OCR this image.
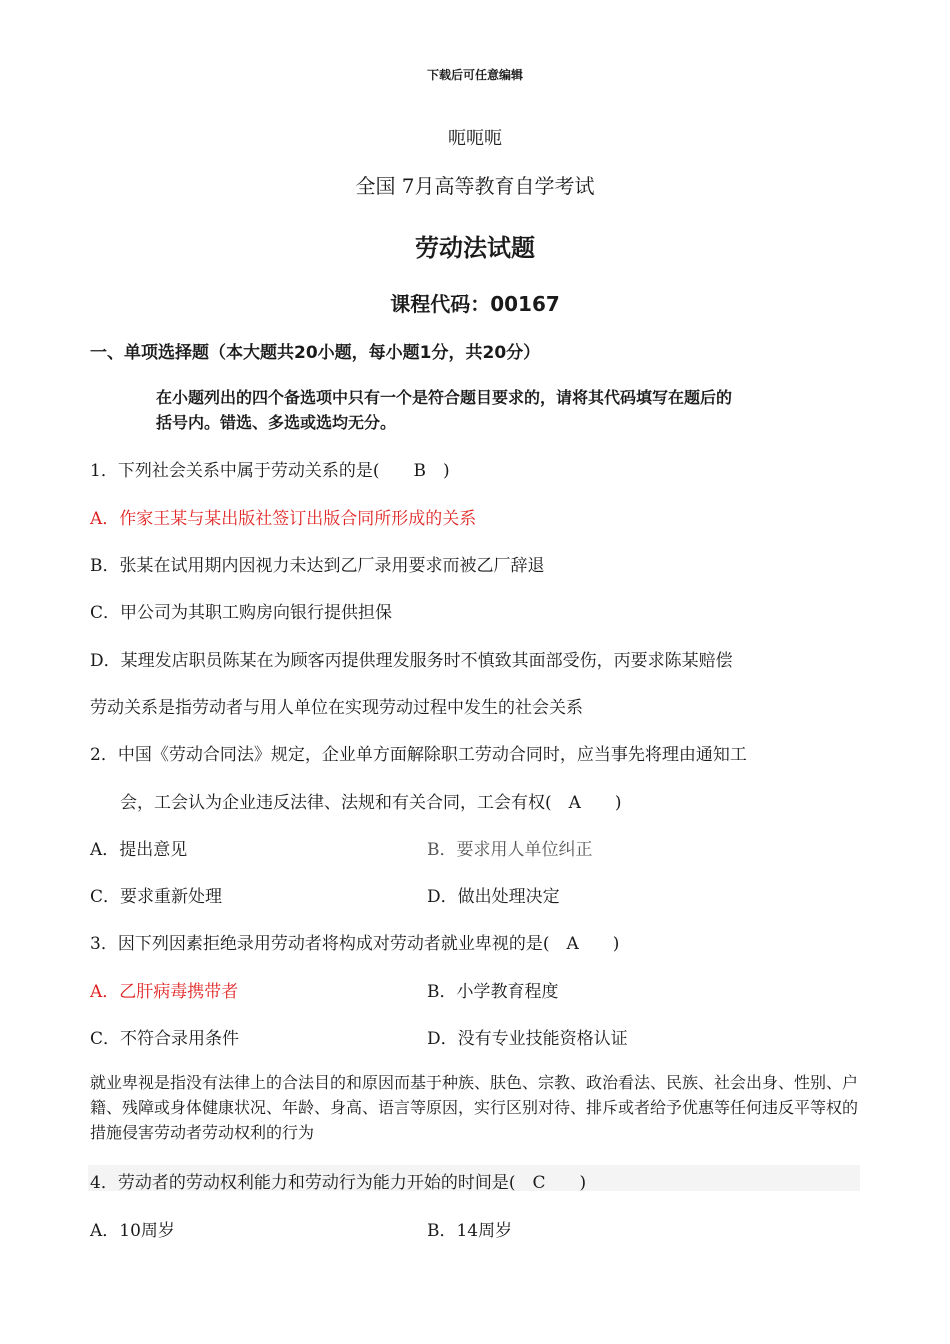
下载后可任意编辑
呃呃呃
全国 7月高等教育自学考试
劳动法试题
课程代码：00167
一、单项选择题（本大题共20小题，每小题1分，共20分）
在小题列出的四个备选项中只有一个是符合题目要求的，请将其代码填写在题后的
括号内。错选、多选或选均无分。
1．下列社会关系中属于劳动关系的是(　　B　)
A．作家王某与某出版社签订出版合同所形成的关系
B．张某在试用期内因视力未达到乙厂录用要求而被乙厂辞退
C．甲公司为其职工购房向银行提供担保
D．某理发店职员陈某在为顾客丙提供理发服务时不慎致其面部受伤，丙要求陈某赔偿
劳动关系是指劳动者与用人单位在实现劳动过程中发生的社会关系
2．中国《劳动合同法》规定，企业单方面解除职工劳动合同时，应当事先将理由通知工
会，工会认为企业违反法律、法规和有关合同，工会有权(　A　　)
A．提出意见	B．要求用人单位纠正
C．要求重新处理	D．做出处理决定
3．因下列因素拒绝录用劳动者将构成对劳动者就业卑视的是(　A　　)
A．乙肝病毒携带者	B．小学教育程度
C．不符合录用条件	D．没有专业技能资格认证
就业卑视是指没有法律上的合法目的和原因而基于种族、肤色、宗教、政治看法、民族、社会出身、性别、户籍、残障或身体健康状况、年龄、身高、语言等原因，实行区别对待、排斥或者给予优惠等任何违反平等权的措施侵害劳动者劳动权利的行为
4．劳动者的劳动权利能力和劳动行为能力开始的时间是(　C　　)
A．10周岁	B．14周岁
